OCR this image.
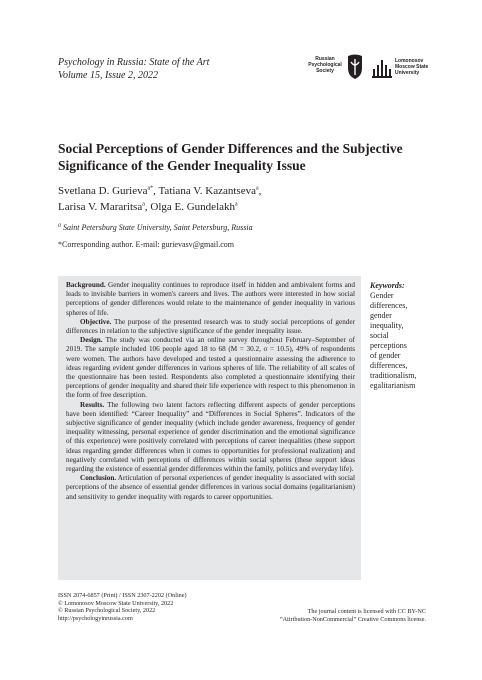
Psychology in Russia: State of the Art
Volume 15, Issue 2, 2022
Russian
Psychological
Society
Lomonosov
Moscow State
University
Social Perceptions of Gender Differences and the Subjective
Significance of the Gender Inequality Issue
Svetlana D. Gurieva$^{a*}$, Tatiana V. Kazantseva$^a$,
Larisa V. Mararitsa$^a$, Olga E. Gundelakh$^a$
$^a$ Saint Petersburg State University, Saint Petersburg, Russia
*Corresponding author. E-mail: gurievasv@gmail.com

Background. Gender inequality continues to reproduce itself in hidden and ambivalent forms and leads to invisible barriers in women's careers and lives. The authors were interested in how social perceptions of gender differences would relate to the maintenance of gender inequality in various spheres of life.

Objective. The purpose of the presented research was to study social perceptions of gender differences in relation to the subjective significance of the gender inequality issue.

Design. The study was conducted via an online survey throughout February–September of 2019. The sample included 106 people aged 18 to 68 (M = 30.2, σ = 10.5), 49% of respondents were women. The authors have developed and tested a questionnaire assessing the adherence to ideas regarding evident gender differences in various spheres of life. The reliability of all scales of the questionnaire has been tested. Respondents also completed a questionnaire identifying their perceptions of gender inequality and shared their life experience with respect to this phenomenon in the form of free description.

Results. The following two latent factors reflecting different aspects of gender perceptions have been identified: “Career Inequality” and “Differences in Social Spheres”. Indicators of the subjective significance of gender inequality (which include gender awareness, frequency of gender inequality witnessing, personal experience of gender discrimination and the emotional significance of this experience) were positively correlated with perceptions of career inequalities (these support ideas regarding gender differences when it comes to opportunities for professional realization) and negatively correlated with perceptions of differences within social spheres (these support ideas regarding the existence of essential gender differences within the family, politics and everyday life).

Conclusion. Articulation of personal experiences of gender inequality is associated with social perceptions of the absence of essential gender differences in various social domains (egalitarianism) and sensitivity to gender inequality with regards to career opportunities.

Keywords:
Gender
differences,
gender
inequality,
social
perceptions
of gender
differences,
traditionalism,
egalitarianism
ISSN 2074-6857 (Print) / ISSN 2307-2202 (Online)
© Lomonosov Moscow State University, 2022
© Russian Psychological Society, 2022
http://psychologyinrussia.com
The journal content is licensed with CC BY-NC
“Attribution-NonCommercial” Creative Commons license.
